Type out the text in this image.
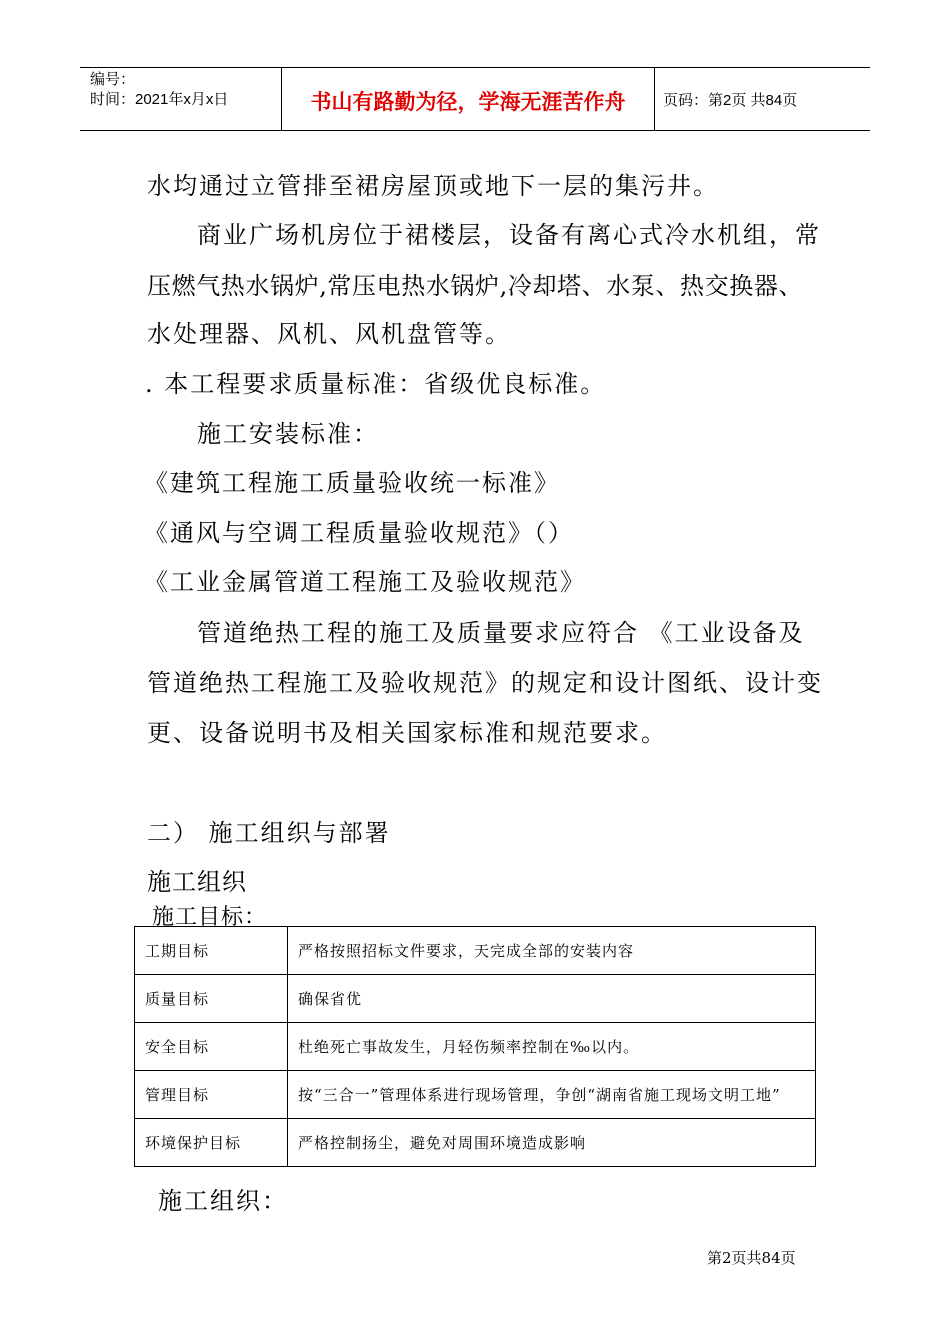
编号：
时间：2021年x月x日	书山有路勤为径，学海无涯苦作舟	页码：第2页 共84页
水均通过立管排至裙房屋顶或地下一层的集污井。
商业广场机房位于裙楼层，设备有离心式冷水机组，常
压燃气热水锅炉,常压电热水锅炉,冷却塔、水泵、热交换器、
水处理器、风机、风机盘管等。
. 本工程要求质量标准：省级优良标准。
施工安装标准：
《建筑工程施工质量验收统一标准》
《通风与空调工程质量验收规范》（）
《工业金属管道工程施工及验收规范》
管道绝热工程的施工及质量要求应符合 《工业设备及
管道绝热工程施工及验收规范》的规定和设计图纸、设计变
更、设备说明书及相关国家标准和规范要求。
二） 施工组织与部署
施工组织
施工目标：
工期目标	严格按照招标文件要求，天完成全部的安装内容
质量目标	确保省优
安全目标	杜绝死亡事故发生，月轻伤频率控制在‰以内。
管理目标	按“三合一”管理体系进行现场管理，争创“湖南省施工现场文明工地”
环境保护目标	严格控制扬尘，避免对周围环境造成影响
施工组织：
第2页共84页
